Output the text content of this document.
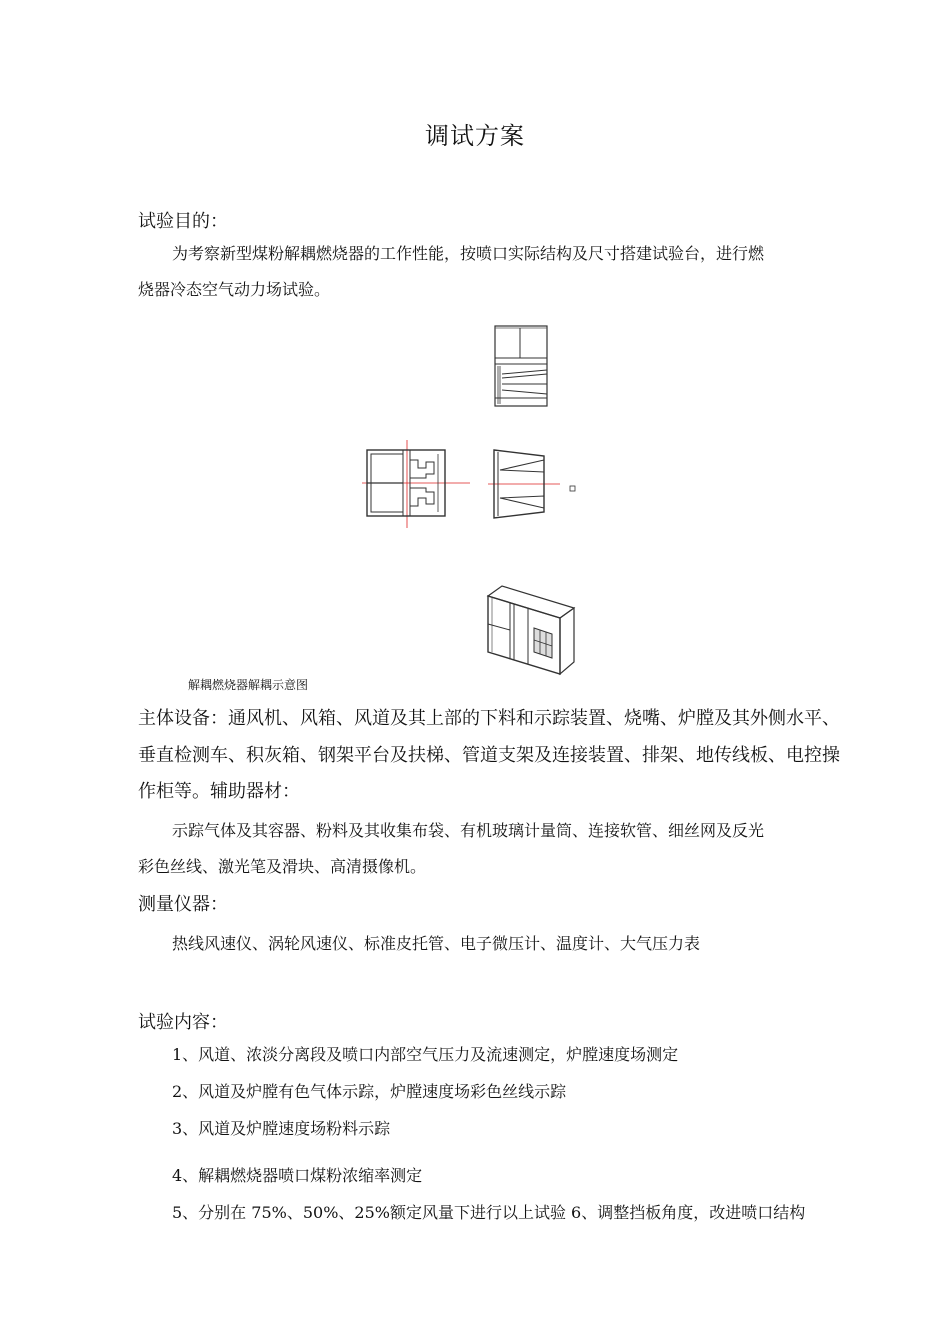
调试方案
试验目的：
为考察新型煤粉解耦燃烧器的工作性能，按喷口实际结构及尺寸搭建试验台，进行燃
烧器冷态空气动力场试验。
解耦燃烧器解耦示意图
主体设备：通风机、风箱、风道及其上部的下料和示踪装置、烧嘴、炉膛及其外侧水平、
垂直检测车、积灰箱、钢架平台及扶梯、管道支架及连接装置、排架、地传线板、电控操
作柜等。辅助器材：
示踪气体及其容器、粉料及其收集布袋、有机玻璃计量筒、连接软管、细丝网及反光
彩色丝线、激光笔及滑块、高清摄像机。
测量仪器：
热线风速仪、涡轮风速仪、标准皮托管、电子微压计、温度计、大气压力表
试验内容：
1、风道、浓淡分离段及喷口内部空气压力及流速测定，炉膛速度场测定
2、风道及炉膛有色气体示踪，炉膛速度场彩色丝线示踪
3、风道及炉膛速度场粉料示踪
4、解耦燃烧器喷口煤粉浓缩率测定
5、分别在 75%、50%、25%额定风量下进行以上试验 6、调整挡板角度，改进喷口结构
